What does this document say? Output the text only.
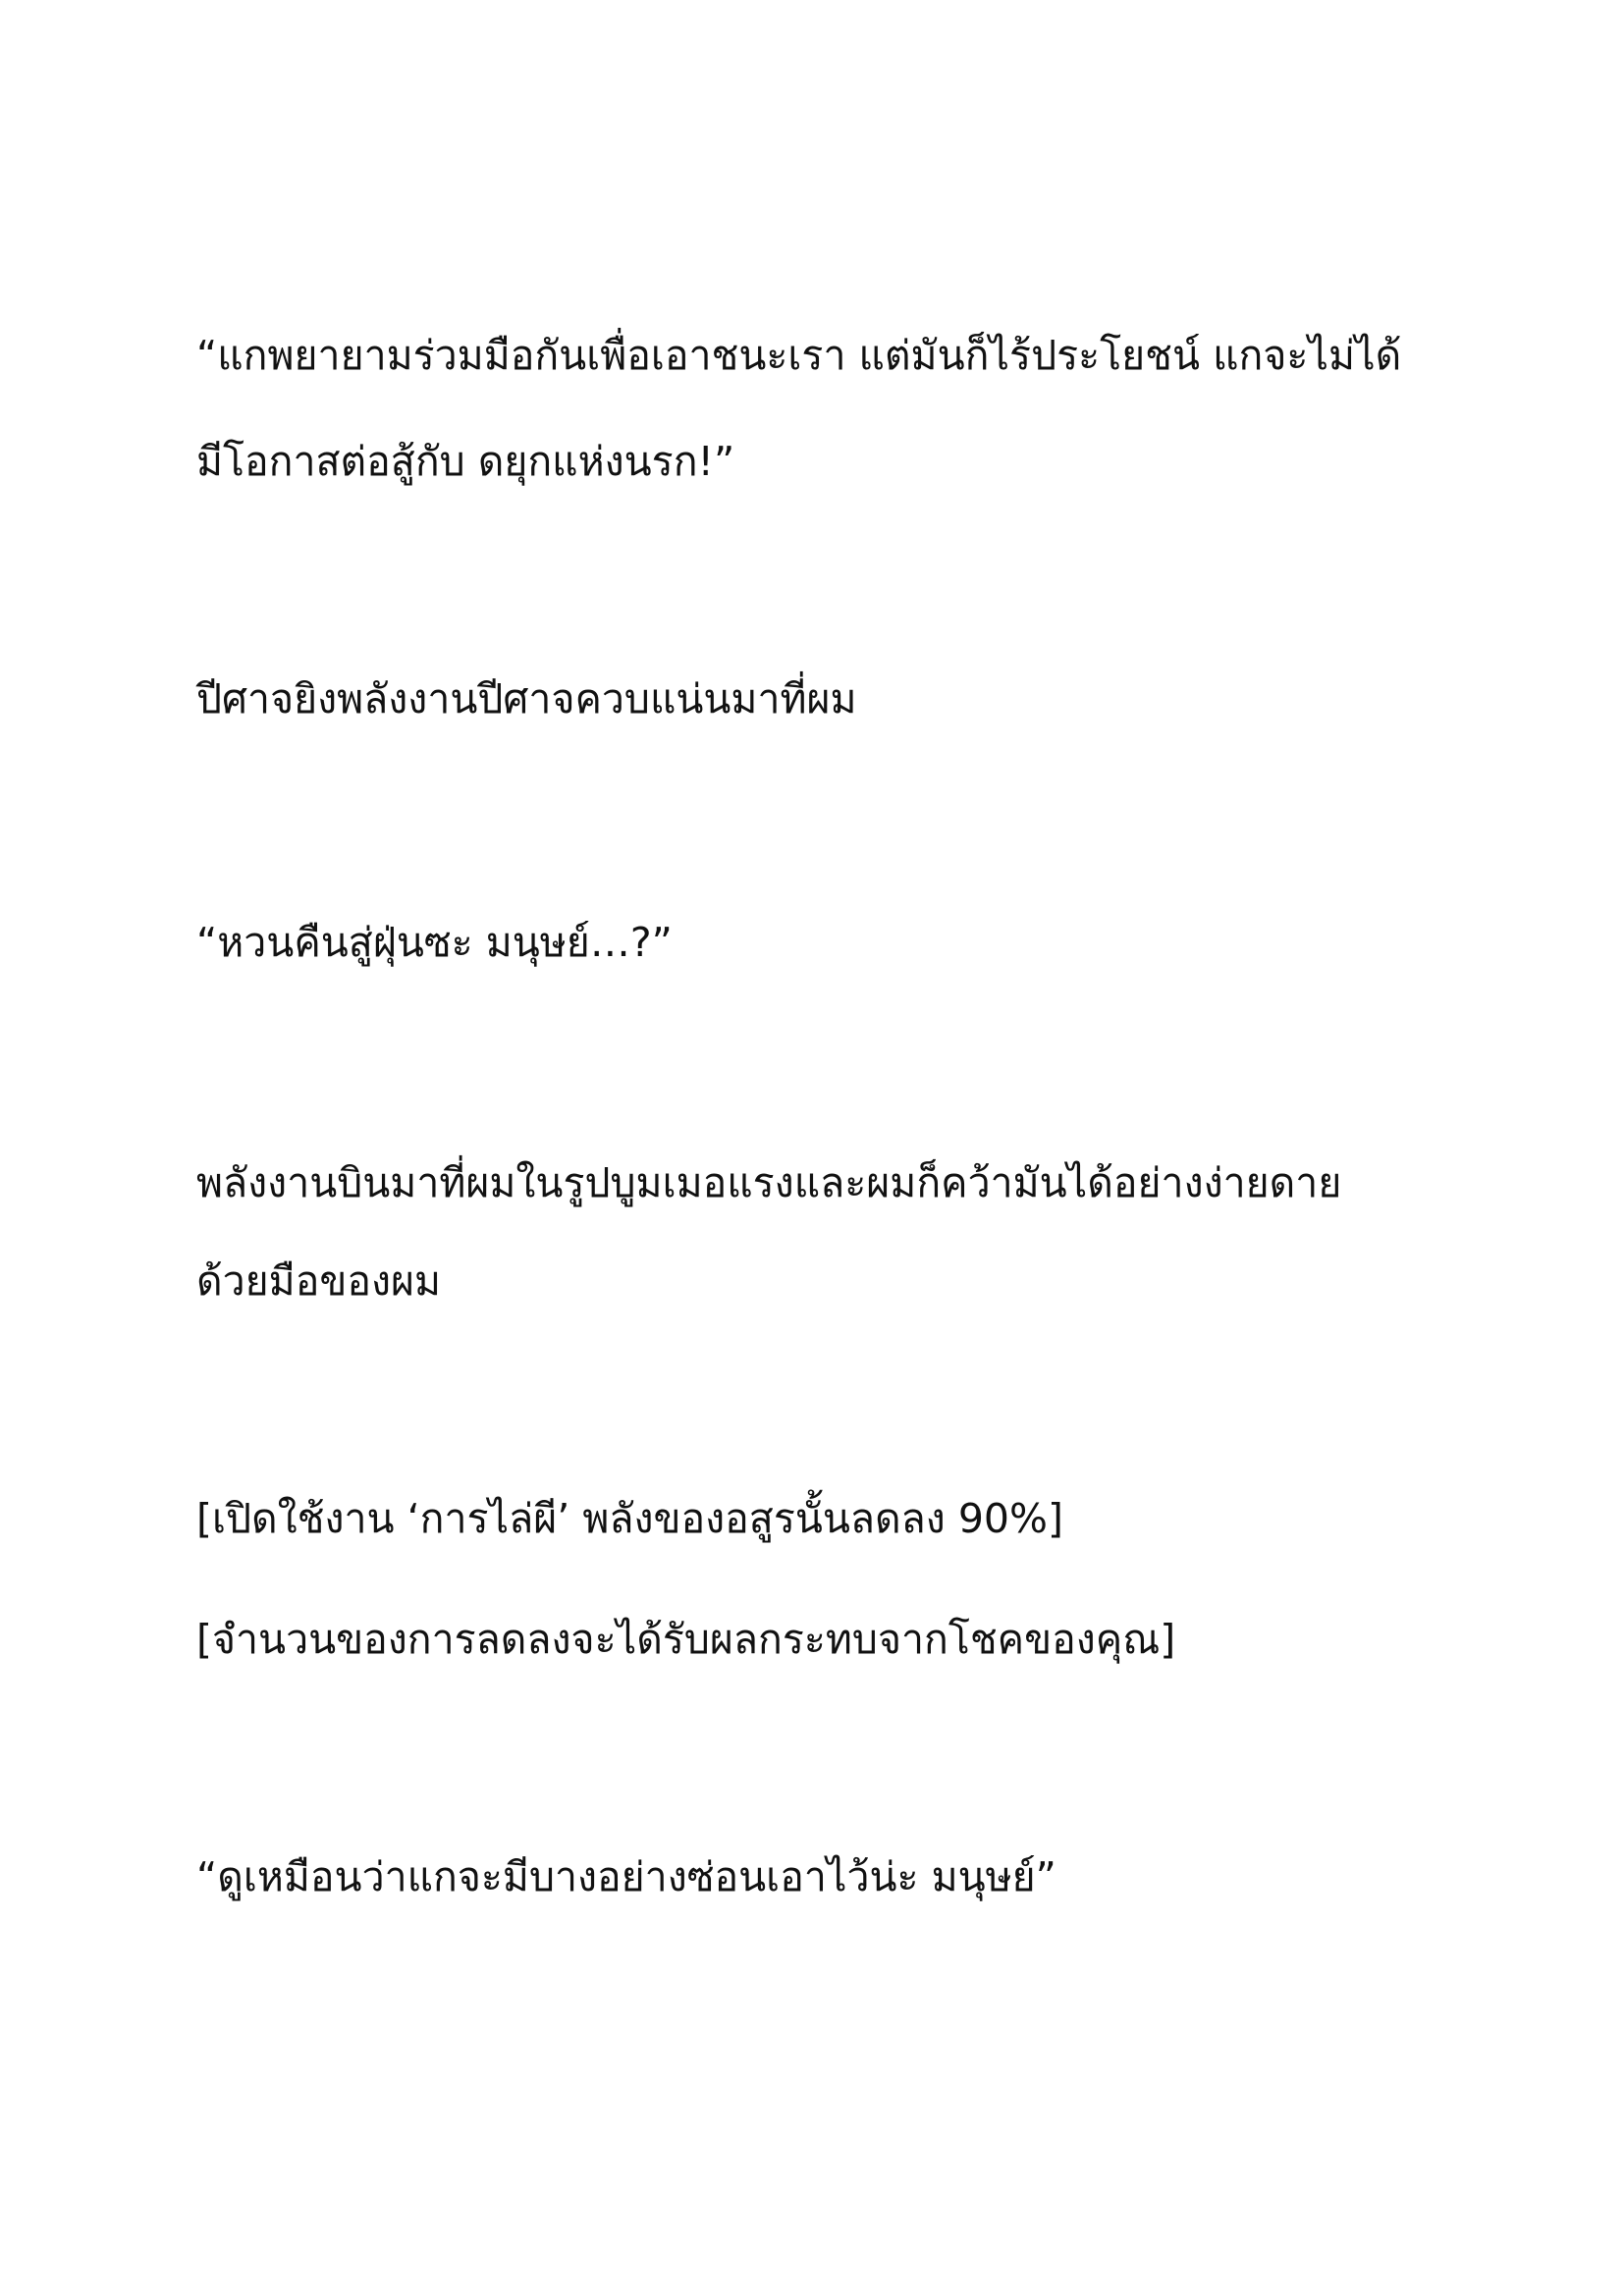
“แกพยายามร่วมมือกันเพื่อเอาชนะเรา แต่มันก็ไร้ประโยชน์ แกจะไม่ได้

มีโอกาสต่อสู้กับ ดยุกแห่งนรก!”

ปีศาจยิงพลังงานปีศาจควบแน่นมาที่ผม

“หวนคืนสู่ฝุ่นซะ มนุษย์…?”

พลังงานบินมาที่ผมในรูปบูมเมอแรงและผมก็คว้ามันได้อย่างง่ายดาย

ด้วยมือของผม

[เปิดใช้งาน ‘การไล่ผี’ พลังของอสูรนั้นลดลง 90%]

[จำนวนของการลดลงจะได้รับผลกระทบจากโชคของคุณ]

“ดูเหมือนว่าแกจะมีบางอย่างซ่อนเอาไว้น่ะ มนุษย์”
